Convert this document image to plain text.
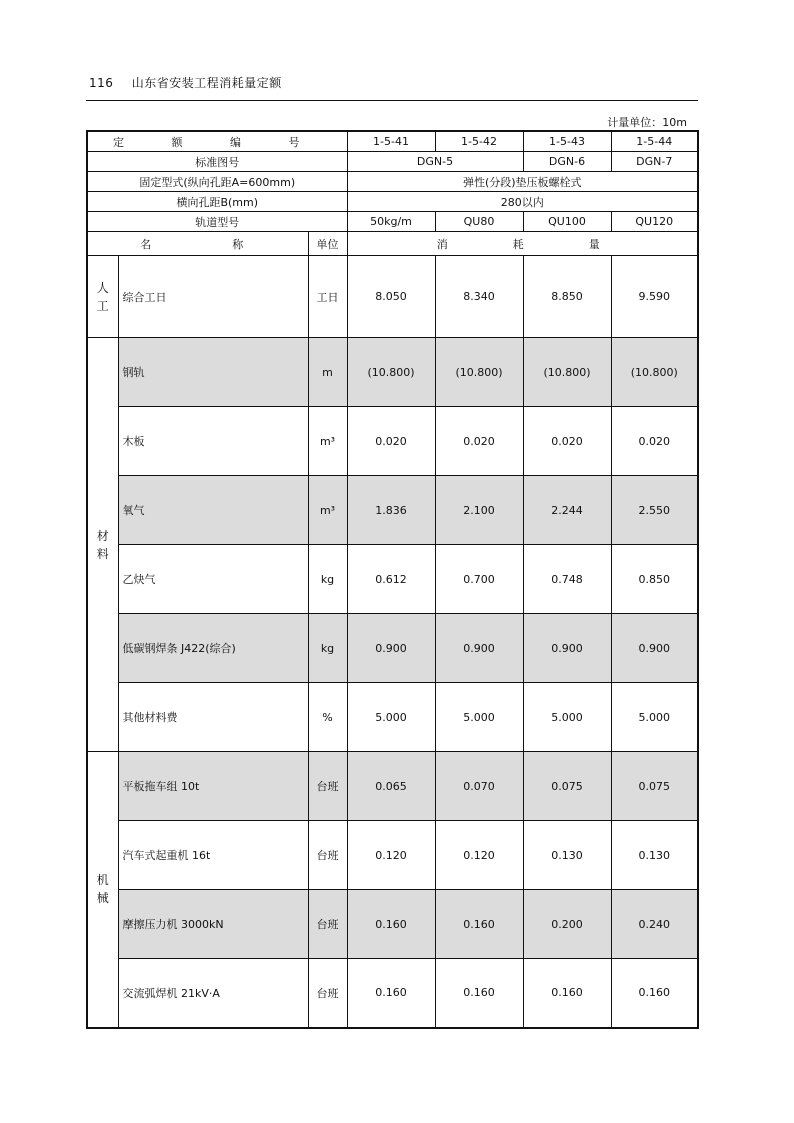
116 山东省安装工程消耗量定额
计量单位：10m
定 额 编 号			1-5-41	1-5-42	1-5-43	1-5-44
标准图号			DGN-5		DGN-6	DGN-7
固定型式(纵向孔距A=600mm)			弹性(分段)垫压板螺栓式			
横向孔距B(mm)			280以内			
轨道型号			50kg/m	QU80	QU100	QU120
名　　　称		单位	消　　　耗　　　量			

人
工	综合工日	工日	8.050	8.340	8.850	9.590

材
料	钢轨	m	(10.800)	(10.800)	(10.800)	(10.800)
	木板	m³	0.020	0.020	0.020	0.020
	氧气	m³	1.836	2.100	2.244	2.550
	乙炔气	kg	0.612	0.700	0.748	0.850
	低碳钢焊条 J422(综合)	kg	0.900	0.900	0.900	0.900
	其他材料费	%	5.000	5.000	5.000	5.000

机
械	平板拖车组 10t	台班	0.065	0.070	0.075	0.075
	汽车式起重机 16t	台班	0.120	0.120	0.130	0.130
	摩擦压力机 3000kN	台班	0.160	0.160	0.200	0.240
	交流弧焊机 21kV·A	台班	0.160	0.160	0.160	0.160
